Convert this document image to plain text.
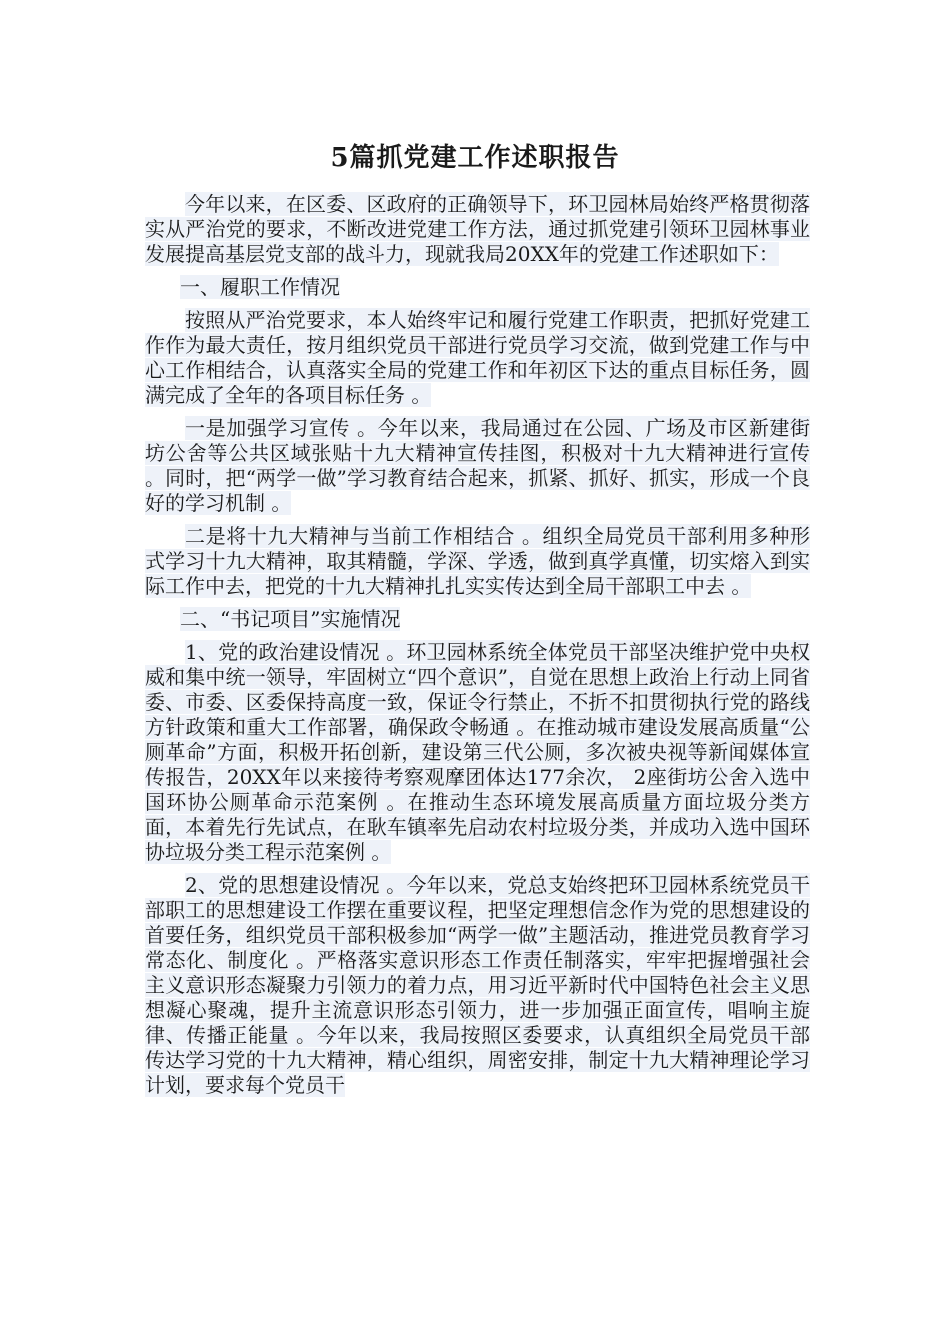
5篇抓党建工作述职报告

今年以来，在区委、区政府的正确领导下，环卫园林局始终严格贯彻落实从严治党的要求，不断改进党建工作方法，通过抓党建引领环卫园林事业发展提高基层党支部的战斗力，现就我局20XX年的党建工作述职如下：

一、履职工作情况

按照从严治党要求，本人始终牢记和履行党建工作职责，把抓好党建工作作为最大责任，按月组织党员干部进行党员学习交流，做到党建工作与中心工作相结合，认真落实全局的党建工作和年初区下达的重点目标任务，圆满完成了全年的各项目标任务 。

一是加强学习宣传 。今年以来，我局通过在公园、广场及市区新建街坊公舍等公共区域张贴十九大精神宣传挂图，积极对十九大精神进行宣传 。同时，把“两学一做”学习教育结合起来，抓紧、抓好、抓实，形成一个良好的学习机制 。

二是将十九大精神与当前工作相结合 。组织全局党员干部利用多种形式学习十九大精神，取其精髓，学深、学透，做到真学真懂，切实熔入到实际工作中去，把党的十九大精神扎扎实实传达到全局干部职工中去 。

二、“书记项目”实施情况

1、党的政治建设情况 。环卫园林系统全体党员干部坚决维护党中央权威和集中统一领导，牢固树立“四个意识”，自觉在思想上政治上行动上同省委、市委、区委保持高度一致，保证令行禁止，不折不扣贯彻执行党的路线方针政策和重大工作部署，确保政令畅通 。在推动城市建设发展高质量“公厕革命”方面，积极开拓创新，建设第三代公厕，多次被央视等新闻媒体宣传报告，20XX年以来接待考察观摩团体达177余次， 2座街坊公舍入选中国环协公厕革命示范案例 。在推动生态环境发展高质量方面垃圾分类方面，本着先行先试点，在耿车镇率先启动农村垃圾分类，并成功入选中国环协垃圾分类工程示范案例 。

2、党的思想建设情况 。今年以来，党总支始终把环卫园林系统党员干部职工的思想建设工作摆在重要议程，把坚定理想信念作为党的思想建设的首要任务，组织党员干部积极参加“两学一做”主题活动，推进党员教育学习常态化、制度化 。严格落实意识形态工作责任制落实，牢牢把握增强社会主义意识形态凝聚力引领力的着力点，用习近平新时代中国特色社会主义思想凝心聚魂，提升主流意识形态引领力，进一步加强正面宣传，唱响主旋律、传播正能量 。今年以来，我局按照区委要求，认真组织全局党员干部传达学习党的十九大精神，精心组织，周密安排，制定十九大精神理论学习计划，要求每个党员干
